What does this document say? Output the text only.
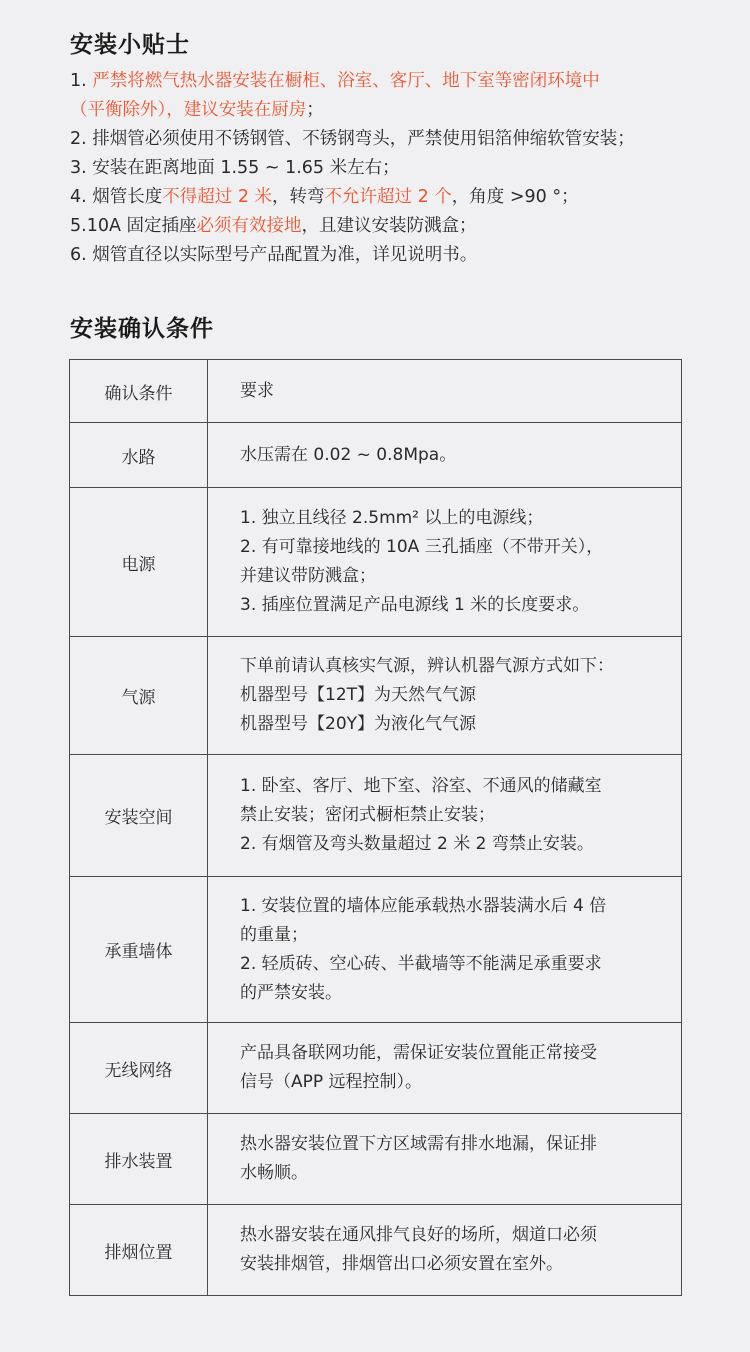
安装小贴士
1. 严禁将燃气热水器安装在橱柜、浴室、客厅、地下室等密闭环境中
（平衡除外），建议安装在厨房；
2. 排烟管必须使用不锈钢管、不锈钢弯头，严禁使用铝箔伸缩软管安装；
3. 安装在距离地面 1.55 ~ 1.65 米左右；
4. 烟管长度不得超过 2 米，转弯不允许超过 2 个，角度 >90 °；
5.10A 固定插座必须有效接地，且建议安装防溅盒；
6. 烟管直径以实际型号产品配置为准，详见说明书。
安装确认条件
确认条件	要求
水路	水压需在 0.02 ~ 0.8Mpa。

电源	1. 独立且线径 2.5mm² 以上的电源线；
2. 有可靠接地线的 10A 三孔插座（不带开关），
并建议带防溅盒；
3. 插座位置满足产品电源线 1 米的长度要求。

气源	下单前请认真核实气源，辨认机器气源方式如下：
机器型号【12T】为天然气气源
机器型号【20Y】为液化气气源

安装空间	1. 卧室、客厅、地下室、浴室、不通风的储藏室
禁止安装；密闭式橱柜禁止安装；
2. 有烟管及弯头数量超过 2 米 2 弯禁止安装。

承重墙体	1. 安装位置的墙体应能承载热水器装满水后 4 倍
的重量；
2. 轻质砖、空心砖、半截墙等不能满足承重要求
的严禁安装。

无线网络	产品具备联网功能，需保证安装位置能正常接受
信号（APP 远程控制）。

排水装置	热水器安装位置下方区域需有排水地漏，保证排
水畅顺。

排烟位置	热水器安装在通风排气良好的场所，烟道口必须
安装排烟管，排烟管出口必须安置在室外。
